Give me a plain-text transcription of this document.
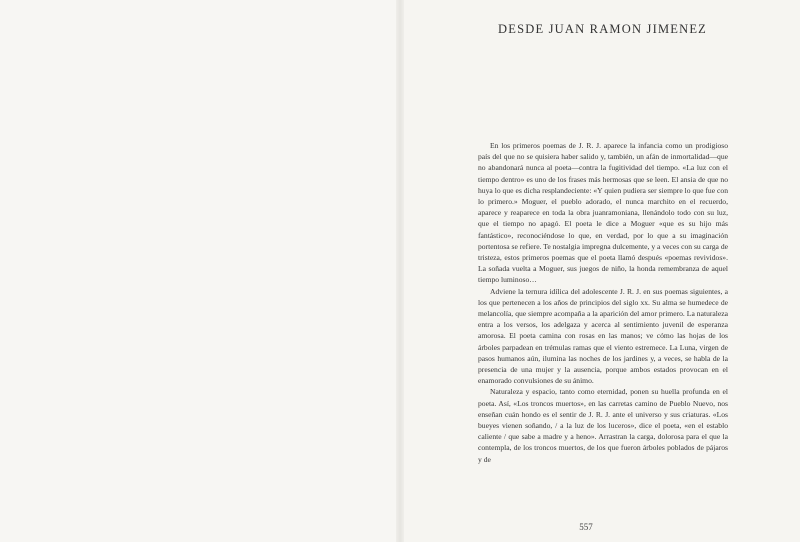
DESDE JUAN RAMON JIMENEZ

En los primeros poemas de J. R. J. aparece la infancia como un prodigioso país del que no se quisiera haber salido y, también, un afán de inmortalidad—que no abandonará nunca al poeta—contra la fugitividad del tiempo. «La luz con el tiempo dentro» es uno de los frases más hermosas que se leen. El ansia de que no huya lo que es dicha resplandeciente: «Y quien pudiera ser siempre lo que fue con lo primero.» Moguer, el pueblo adorado, el nunca marchito en el recuerdo, aparece y reaparece en toda la obra juanramoniana, llenándolo todo con su luz, que el tiempo no apagó. El poeta le dice a Moguer «que es su hijo más fantástico», reconociéndose lo que, en verdad, por lo que a su imaginación portentosa se refiere. Te nostalgia impregna dulcemente, y a veces con su carga de tristeza, estos primeros poemas que el poeta llamó después «poemas revividos». La soñada vuelta a Moguer, sus juegos de niño, la honda remembranza de aquel tiempo luminoso…

Adviene la ternura idílica del adolescente J. R. J. en sus poemas siguientes, a los que pertenecen a los años de principios del siglo xx. Su alma se humedece de melancolía, que siempre acompaña a la aparición del amor primero. La naturaleza entra a los versos, los adelgaza y acerca al sentimiento juvenil de esperanza amorosa. El poeta camina con rosas en las manos; ve cómo las hojas de los árboles parpadean en trémulas ramas que el viento estremece. La Luna, virgen de pasos humanos aún, ilumina las noches de los jardines y, a veces, se habla de la presencia de una mujer y la ausencia, porque ambos estados provocan en el enamorado convulsiones de su ánimo.

Naturaleza y espacio, tanto como eternidad, ponen su huella profunda en el poeta. Así, «Los troncos muertos», en las carretas camino de Pueblo Nuevo, nos enseñan cuán hondo es el sentir de J. R. J. ante el universo y sus criaturas. «Los bueyes vienen soñando, / a la luz de los luceros», dice el poeta, «en el establo caliente / que sabe a madre y a heno». Arrastran la carga, dolorosa para el que la contempla, de los troncos muertos, de los que fueron árboles poblados de pájaros y de

557
